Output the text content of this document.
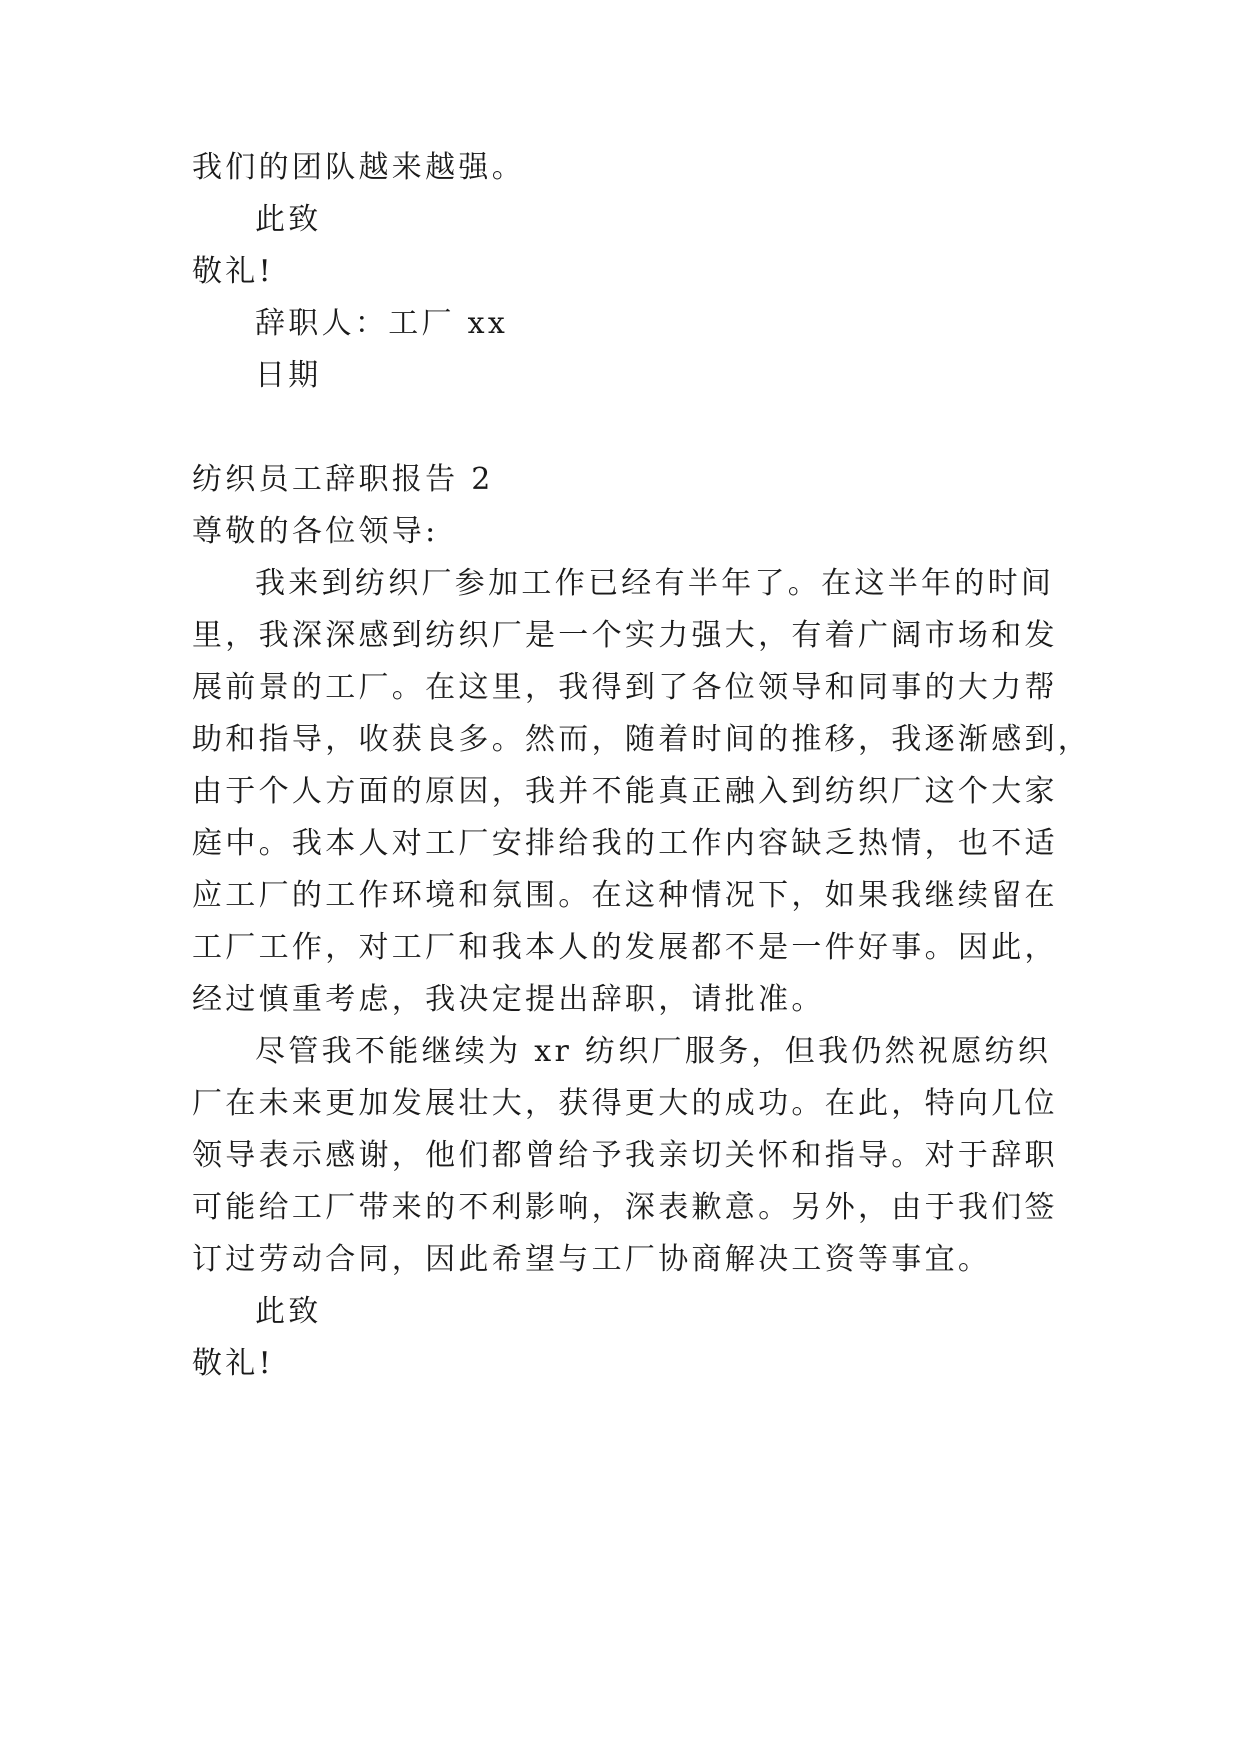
我们的团队越来越强。
此致
敬礼!
辞职人：工厂 xx
日期
纺织员工辞职报告 2
尊敬的各位领导:
我来到纺织厂参加工作已经有半年了。在这半年的时间
里，我深深感到纺织厂是一个实力强大，有着广阔市场和发
展前景的工厂。在这里，我得到了各位领导和同事的大力帮
助和指导，收获良多。然而，随着时间的推移，我逐渐感到，
由于个人方面的原因，我并不能真正融入到纺织厂这个大家
庭中。我本人对工厂安排给我的工作内容缺乏热情，也不适
应工厂的工作环境和氛围。在这种情况下，如果我继续留在
工厂工作，对工厂和我本人的发展都不是一件好事。因此，
经过慎重考虑，我决定提出辞职，请批准。
尽管我不能继续为 xr 纺织厂服务，但我仍然祝愿纺织
厂在未来更加发展壮大，获得更大的成功。在此，特向几位
领导表示感谢，他们都曾给予我亲切关怀和指导。对于辞职
可能给工厂带来的不利影响，深表歉意。另外，由于我们签
订过劳动合同，因此希望与工厂协商解决工资等事宜。
此致
敬礼!
